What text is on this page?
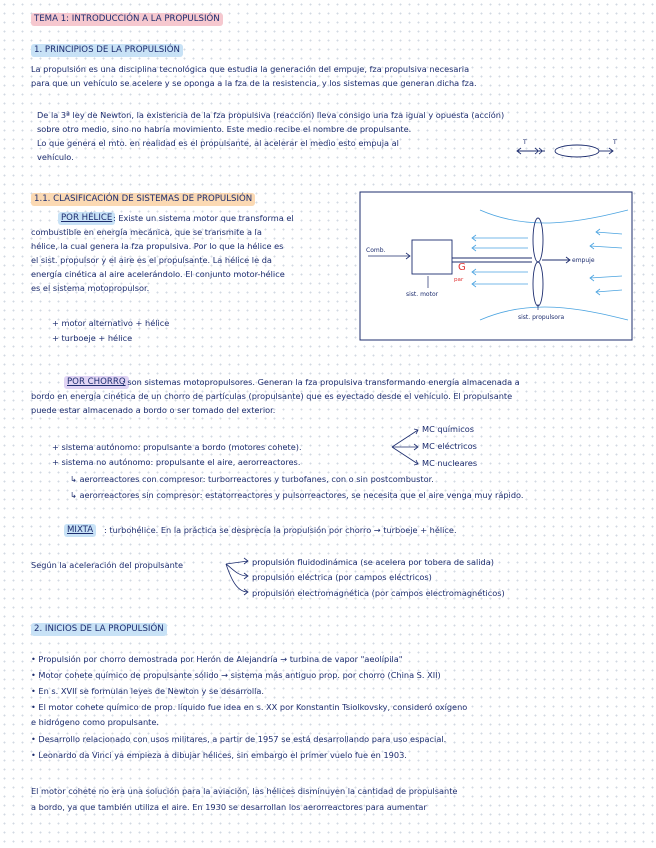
TEMA 1: INTRODUCCIÓN A LA PROPULSIÓN
1. PRINCIPIOS DE LA PROPULSIÓN
La propulsión es una disciplina tecnológica que estudia la generación del empuje, fza propulsiva necesaria
para que un vehículo se acelere y se oponga a la fza de la resistencia, y los sistemas que generan dicha fza.
De la 3ª ley de Newton, la existencia de la fza propulsiva (reacción) lleva consigo una fza igual y opuesta (acción)
sobre otro medio, sino no habría movimiento. Este medio recibe el nombre de propulsante.
Lo que genera el mto. en realidad es el propulsante, al acelerar el medio esto empuja al
vehículo.
T	T
1.1. CLASIFICACIÓN DE SISTEMAS DE PROPULSIÓN
POR HÉLICE : Existe un sistema motor que transforma el
combustible en energía mecánica, que se transmite a la
hélice, la cual genera la fza propulsiva. Por lo que la hélice es
el sist. propulsor y el aire es el propulsante. La hélice le da
energía cinética al aire acelerándolo. El conjunto motor-hélice
es el sistema motopropulsor.
+ motor alternativo + hélice
+ turboeje + hélice
Comb.
G
par
empuje
sist. motor
sist. propulsora
POR CHORRO
: son sistemas motopropulsores. Generan la fza propulsiva transformando energía almacenada a
bordo en energía cinética de un chorro de partículas (propulsante) que es eyectado desde el vehículo. El propulsante
puede estar almacenado a bordo o ser tomado del exterior.
+ sistema autónomo: propulsante a bordo (motores cohete).
+ sistema no autónomo: propulsante el aire, aerorreactores.
MC químicos
MC eléctricos
MC nucleares
↳ aerorreactores con compresor: turborreactores y turbofanes, con o sin postcombustor.
↳ aerorreactores sin compresor: estatorreactores y pulsorreactores, se necesita que el aire venga muy rápido.
MIXTA	: turbohélice. En la práctica se desprecia la propulsión por chorro → turboeje + hélice.
Según la aceleración del propulsante	propulsión fluidodinámica (se acelera por tobera de salida)
propulsión eléctrica (por campos eléctricos)
propulsión electromagnética (por campos electromagnéticos)
2. INICIOS DE LA PROPULSIÓN
• Propulsión por chorro demostrada por Herón de Alejandría → turbina de vapor "aeolípila"
• Motor cohete químico de propulsante sólido → sistema más antiguo prop. por chorro (China S. XII)
• En s. XVII se formulan leyes de Newton y se desarrolla.
• El motor cohete químico de prop. líquido fue idea en s. XX por Konstantin Tsiolkovsky, consideró oxígeno
e hidrógeno como propulsante.
• Desarrollo relacionado con usos militares, a partir de 1957 se está desarrollando para uso espacial.
• Leonardo da Vinci ya empieza a dibujar hélices, sin embargo el primer vuelo fue en 1903.
El motor cohete no era una solución para la aviación, las hélices disminuyen la cantidad de propulsante
a bordo, ya que también utiliza el aire. En 1930 se desarrollan los aerorreactores para aumentar
